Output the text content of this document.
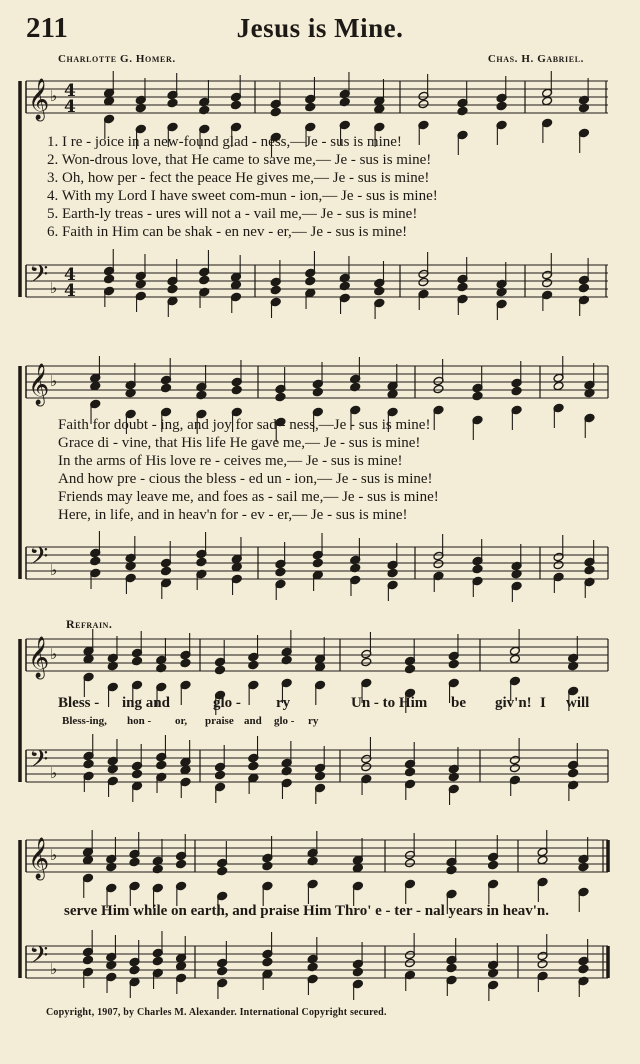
211	Jesus is Mine.
Charlotte G. Homer.	Chas. H. Gabriel.
𝄞
𝄢
♭
♭
4
4
4
4
𝄞
𝄢
♭
♭
𝄞
𝄢
♭
♭
𝄞
𝄢
♭
♭
1. I re - joice in a new-found glad - ness,—Je - sus is mine!
2. Won-drous love, that He came to save me,— Je - sus is mine!
3. Oh, how per - fect the peace He gives me,— Je - sus is mine!
4. With my Lord I have sweet com-mun - ion,— Je - sus is mine!
5. Earth-ly treas - ures will not a - vail me,— Je - sus is mine!
6. Faith in Him can be shak - en nev - er,— Je - sus is mine!
Faith for doubt - ing, and joy for sad - ness,—Je - sus is mine!
Grace di - vine, that His life He gave me,— Je - sus is mine!
In the arms of His love re - ceives me,— Je - sus is mine!
And how pre - cious the bless - ed un - ion,— Je - sus is mine!
Friends may leave me, and foes as - sail me,— Je - sus is mine!
Here, in life, and in heav'n for - ev - er,— Je - sus is mine!
Refrain.
Bless - ing and	glo - ry	Un - to Him be giv'n! I will
Bless-ing, hon - or, praise and glo - ry
serve Him while on earth, and praise Him Thro' e - ter - nal years in heav'n.
Copyright, 1907, by Charles M. Alexander. International Copyright secured.
